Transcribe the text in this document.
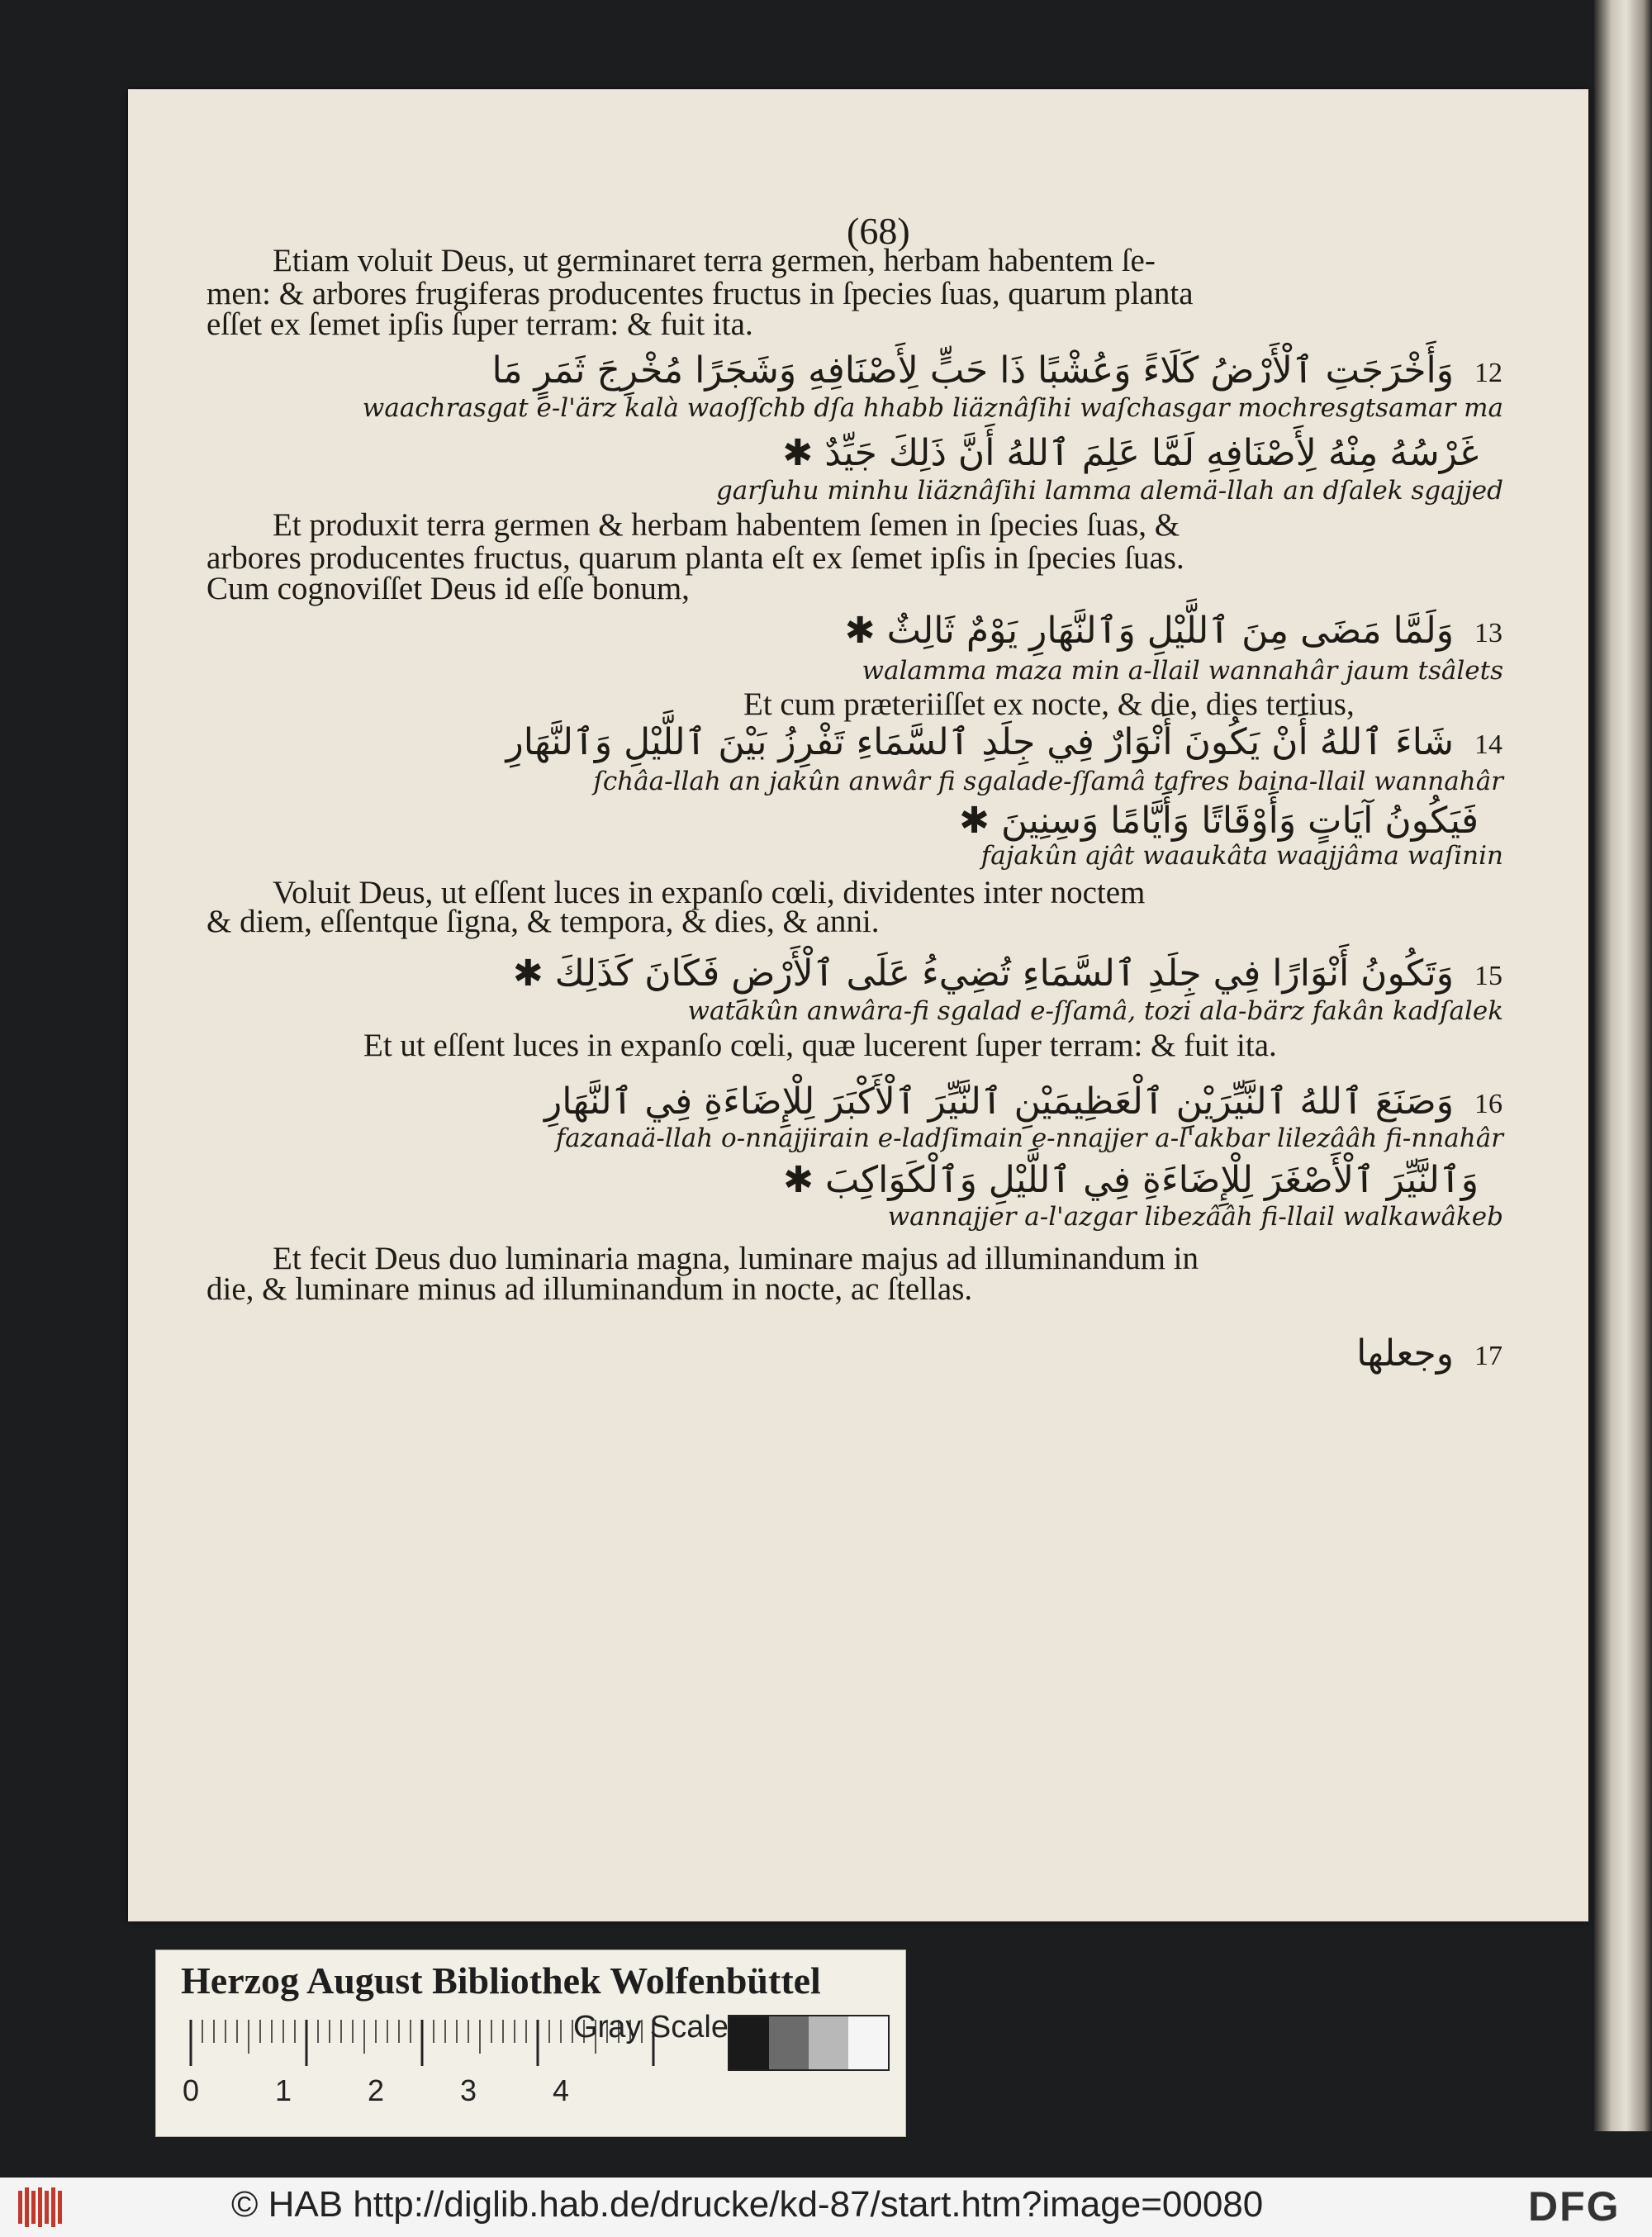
(68)
Etiam voluit Deus, ut germinaret terra germen, herbam habentem ſe-
men: & arbores frugiferas producentes fructus in ſpecies ſuas, quarum planta
eſſet ex ſemet ipſis ſuper terram: & fuit ita.
وَأَخْرَجَتِ ٱلْأَرْضُ كَلَاءً وَعُشْبًا ذَا حَبٍّ لِأَصْنَافِهِ وَشَجَرًا مُخْرِجَ ثَمَرٍ مَا 12
waachrasgat e-l'ärz kalà waoſſchb dſa hhabb liäznâſihi waſchasgar mochresgtsamar ma
غَرْسُهُ مِنْهُ لِأَصْنَافِهِ لَمَّا عَلِمَ ٱللهُ أَنَّ ذَلِكَ جَيِّدٌ ✱
garſuhu minhu liäznâſihi lamma alemä-llah an dſalek sgajjed
Et produxit terra germen & herbam habentem ſemen in ſpecies ſuas, &
arbores producentes fructus, quarum planta eſt ex ſemet ipſis in ſpecies ſuas.
Cum cognoviſſet Deus id eſſe bonum,
وَلَمَّا مَضَى مِنَ ٱللَّيْلِ وَٱلنَّهَارِ يَوْمٌ ثَالِثٌ ✱ 13
walamma maza min a-llail wannahâr jaum tsâlets
Et cum præteriiſſet ex nocte, & die, dies tertius,
شَاءَ ٱللهُ أَنْ يَكُونَ أَنْوَارٌ فِي جِلَدِ ٱلسَّمَاءِ تَفْرِزُ بَيْنَ ٱللَّيْلِ وَٱلنَّهَارِ 14
ſchâa-llah an jakûn anwâr fi sgalade-ſſamâ tafres baina-llail wannahâr
فَيَكُونُ آيَاتٍ وَأَوْقَاتًا وَأَيَّامًا وَسِنِينَ ✱
fajakûn ajât waaukâta waajjâma waſinin
Voluit Deus, ut eſſent luces in expanſo cœli, dividentes inter noctem
& diem, eſſentque ſigna, & tempora, & dies, & anni.
وَتَكُونُ أَنْوَارًا فِي جِلَدِ ٱلسَّمَاءِ تُضِيءُ عَلَى ٱلْأَرْضِ فَكَانَ كَذَلِكَ ✱ 15
watakûn anwâra-fi sgalad e-ſſamâ, tozi ala-bärz fakân kadſalek
Et ut eſſent luces in expanſo cœli, quæ lucerent ſuper terram: & fuit ita.
وَصَنَعَ ٱللهُ ٱلنَّيِّرَيْنِ ٱلْعَظِيمَيْنِ ٱلنَّيِّرَ ٱلْأَكْبَرَ لِلْإِضَاءَةِ فِي ٱلنَّهَارِ 16
fazanaä-llah o-nnajjirain e-ladſimain e-nnajjer a-l'akbar lilezââh fi-nnahâr
وَٱلنَّيِّرَ ٱلْأَصْغَرَ لِلْإِضَاءَةِ فِي ٱللَّيْلِ وَٱلْكَوَاكِبَ ✱
wannajjer a-l'azgar libezââh fi-llail walkawâkeb
Et fecit Deus duo luminaria magna, luminare majus ad illuminandum in
die, & luminare minus ad illuminandum in nocte, ac ſtellas.
وجعلها 17
Herzog August Bibliothek Wolfenbüttel
0	1	2	3	4
Gray Scale
© HAB http://diglib.hab.de/drucke/kd-87/start.htm?image=00080	DFG
